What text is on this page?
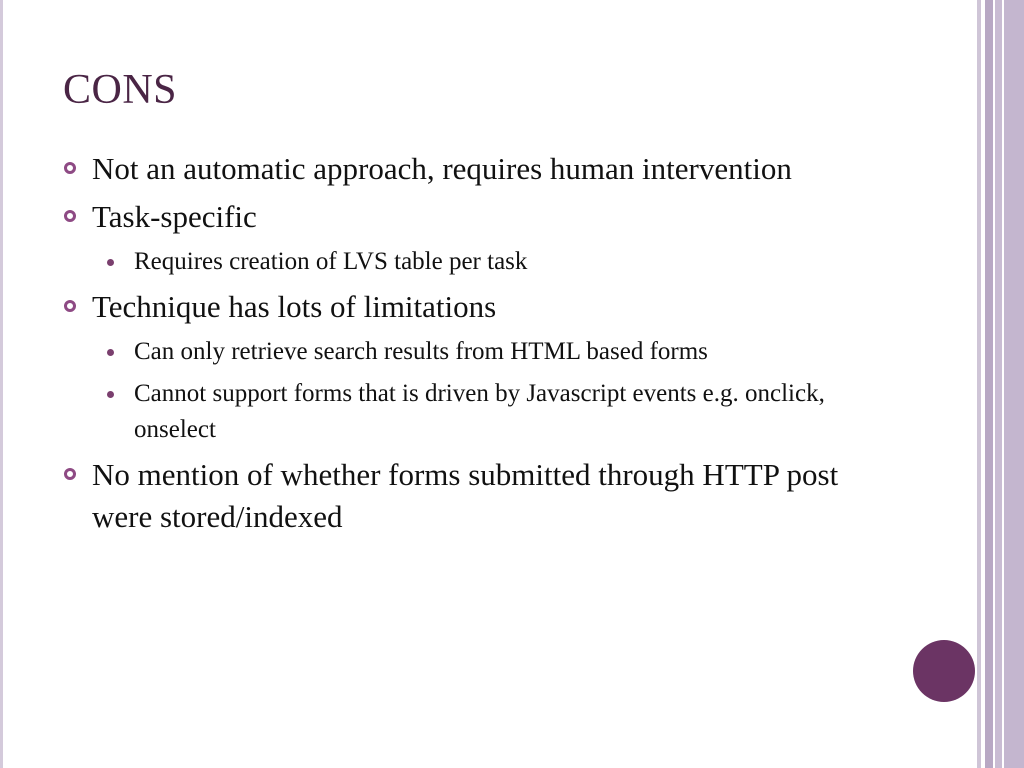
CONS
Not an automatic approach, requires human intervention
Task-specific
Requires creation of LVS table per task
Technique has lots of limitations
Can only retrieve search results from HTML based forms
Cannot support forms that is driven by Javascript events e.g. onclick, onselect
No mention of whether forms submitted through HTTP post were stored/indexed
